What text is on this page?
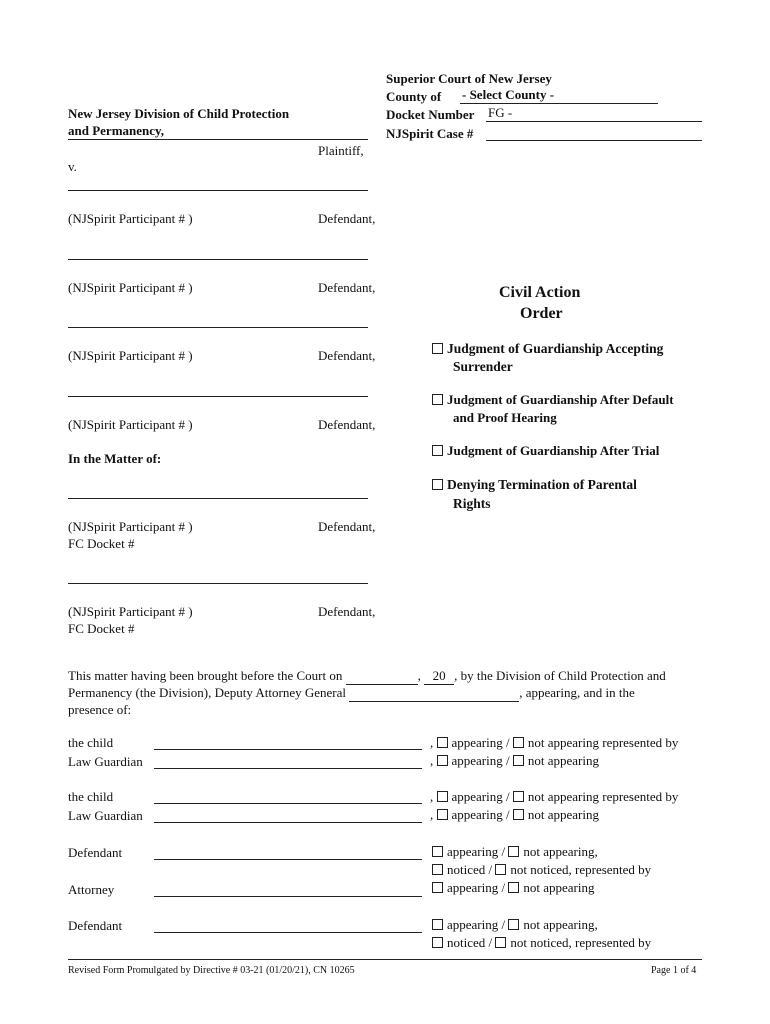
Superior Court of New Jersey
County of - Select County -
Docket Number FG -
NJSpirit Case #
New Jersey Division of Child Protection
and Permanency,
Plaintiff,
v.
(NJSpirit Participant # )	Defendant,
(NJSpirit Participant # )	Defendant,
(NJSpirit Participant # )	Defendant,
(NJSpirit Participant # )	Defendant,
In the Matter of:
(NJSpirit Participant # )	Defendant,
FC Docket #
(NJSpirit Participant # )	Defendant,
FC Docket #
Civil Action
Order
Judgment of Guardianship Accepting
Surrender
Judgment of Guardianship After Default
and Proof Hearing
Judgment of Guardianship After Trial
Denying Termination of Parental
Rights
This matter having been brought before the Court on	, 20 , by the Division of Child Protection and
Permanency (the Division), Deputy Attorney General	, appearing, and in the
presence of:
the child	, appearing / not appearing represented by
Law Guardian	, appearing / not appearing
the child	, appearing / not appearing represented by
Law Guardian	, appearing / not appearing
Defendant	appearing / not appearing,
noticed / not noticed, represented by
Attorney	appearing / not appearing
Defendant	appearing / not appearing,
noticed / not noticed, represented by
Revised Form Promulgated by Directive # 03-21 (01/20/21), CN 10265	Page 1 of 4
